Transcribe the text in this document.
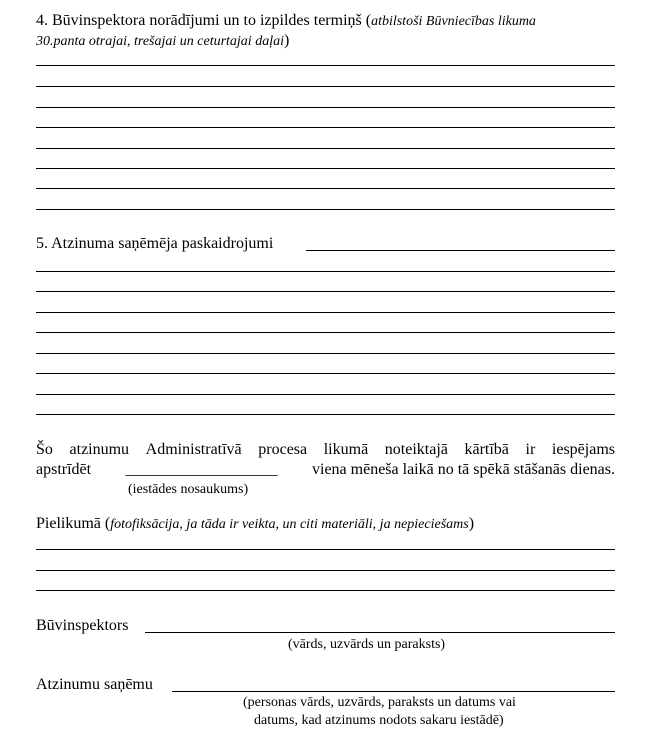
4. Būvinspektora norādījumi un to izpildes termiņš (atbilstoši Būvniecības likuma
30.panta otrajai, trešajai un ceturtajai daļai)
5. Atzinuma saņēmēja paskaidrojumi
Šo atzinumu Administratīvā procesa likumā noteiktajā kārtībā ir iespējams
apstrīdēt ___________________ viena mēneša laikā no tā spēkā stāšanās dienas.
(iestādes nosaukums)
Pielikumā (fotofiksācija, ja tāda ir veikta, un citi materiāli, ja nepieciešams)
Būvinspektors
(vārds, uzvārds un paraksts)
Atzinumu saņēmu
(personas vārds, uzvārds, paraksts un datums vai
datums, kad atzinums nodots sakaru iestādē)
